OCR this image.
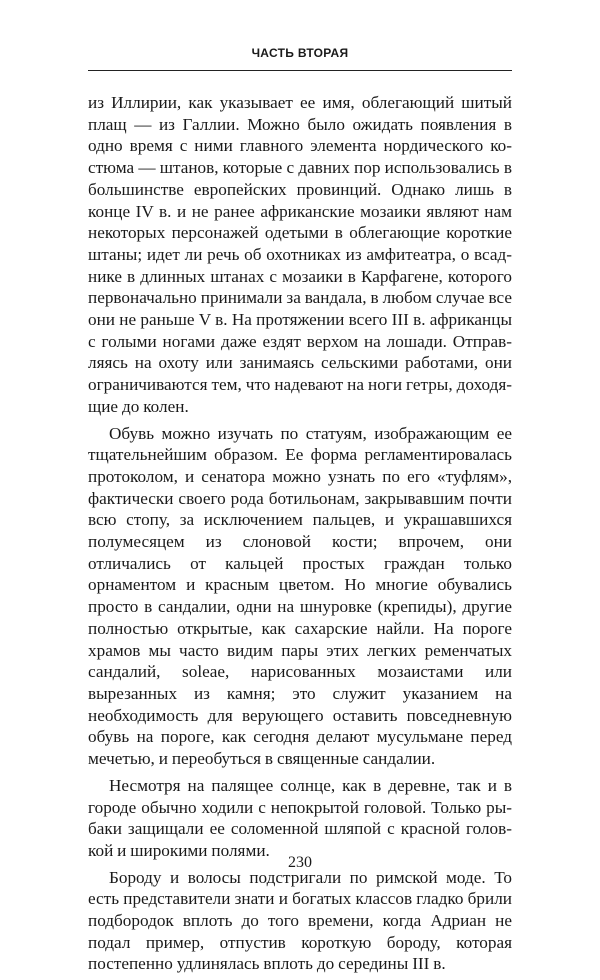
ЧАСТЬ ВТОРАЯ

из Иллирии, как указывает ее имя, облегающий шитый плащ — из Галлии. Можно было ожидать появления в одно время с ними главного элемента нордического костюма — штанов, которые с давних пор использовались в большинстве европейских провинций. Однако лишь в конце IV в. и не ранее африканские мозаики являют нам некоторых персонажей одетыми в облегающие короткие штаны; идет ли речь об охотниках из амфитеатра, о всаднике в длинных штанах с мозаики в Карфагене, которого первоначально принимали за вандала, в любом случае все они не раньше V в. На протяжении всего III в. африканцы с голыми ногами даже ездят верхом на лошади. Отправляясь на охоту или занимаясь сельскими работами, они ограничиваются тем, что надевают на ноги гетры, доходящие до колен.

Обувь можно изучать по статуям, изображающим ее тщательнейшим образом. Ее форма регламентировалась протоколом, и сенатора можно узнать по его «туфлям», фактически своего рода ботильонам, закрывавшим почти всю стопу, за исключением пальцев, и украшавшихся полумесяцем из слоновой кости; впрочем, они отличались от кальцей простых граждан только орнаментом и красным цветом. Но многие обувались просто в сандалии, одни на шнуровке (крепиды), другие полностью открытые, как сахарские найли. На пороге храмов мы часто видим пары этих легких ременчатых сандалий, soleae, нарисованных мозаистами или вырезанных из камня; это служит указанием на необходимость для верующего оставить повседневную обувь на пороге, как сегодня делают мусульмане перед мечетью, и переобуться в священные сандалии.

Несмотря на палящее солнце, как в деревне, так и в городе обычно ходили с непокрытой головой. Только рыбаки защищали ее соломенной шляпой с красной головкой и широкими полями.

Бороду и волосы подстригали по римской моде. То есть представители знати и богатых классов гладко брили подбородок вплоть до того времени, когда Адриан не подал пример, отпустив короткую бороду, которая постепенно удлинялась вплоть до середины III в.

230
